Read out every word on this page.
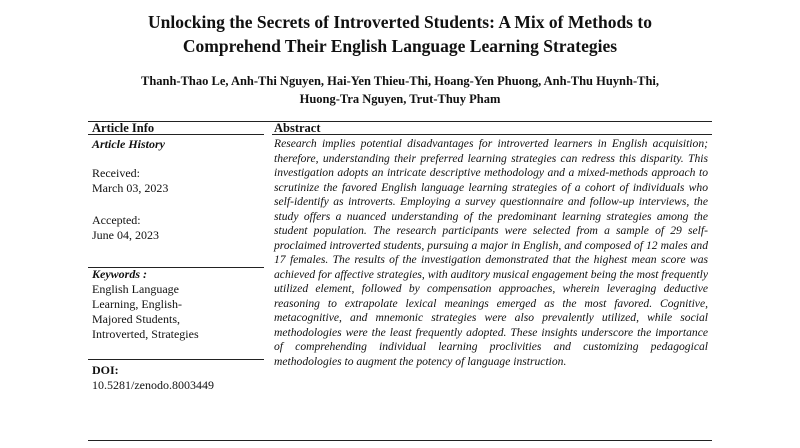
Unlocking the Secrets of Introverted Students: A Mix of Methods to
Comprehend Their English Language Learning Strategies
Thanh-Thao Le, Anh-Thi Nguyen, Hai-Yen Thieu-Thi, Hoang-Yen Phuong, Anh-Thu Huynh-Thi,
Huong-Tra Nguyen, Trut-Thuy Pham
Article Info	Abstract
Article History
Received:
March 03, 2023
Accepted:
June 04, 2023
Keywords :
English Language
Learning, English-
Majored Students,
Introverted, Strategies
DOI:
10.5281/zenodo.8003449

Research implies potential disadvantages for introverted learners in English acquisition; therefore, understanding their preferred learning strategies can redress this disparity. This investigation adopts an intricate descriptive methodology and a mixed-methods approach to scrutinize the favored English language learning strategies of a cohort of individuals who self-identify as introverts. Employing a survey questionnaire and follow-up interviews, the study offers a nuanced understanding of the predominant learning strategies among the student population. The research participants were selected from a sample of 29 self-proclaimed introverted students, pursuing a major in English, and composed of 12 males and 17 females. The results of the investigation demonstrated that the highest mean score was achieved for affective strategies, with auditory musical engagement being the most frequently utilized element, followed by compensation approaches, wherein leveraging deductive reasoning to extrapolate lexical meanings emerged as the most favored. Cognitive, metacognitive, and mnemonic strategies were also prevalently utilized, while social methodologies were the least frequently adopted. These insights underscore the importance of comprehending individual learning proclivities and customizing pedagogical methodologies to augment the potency of language instruction.
